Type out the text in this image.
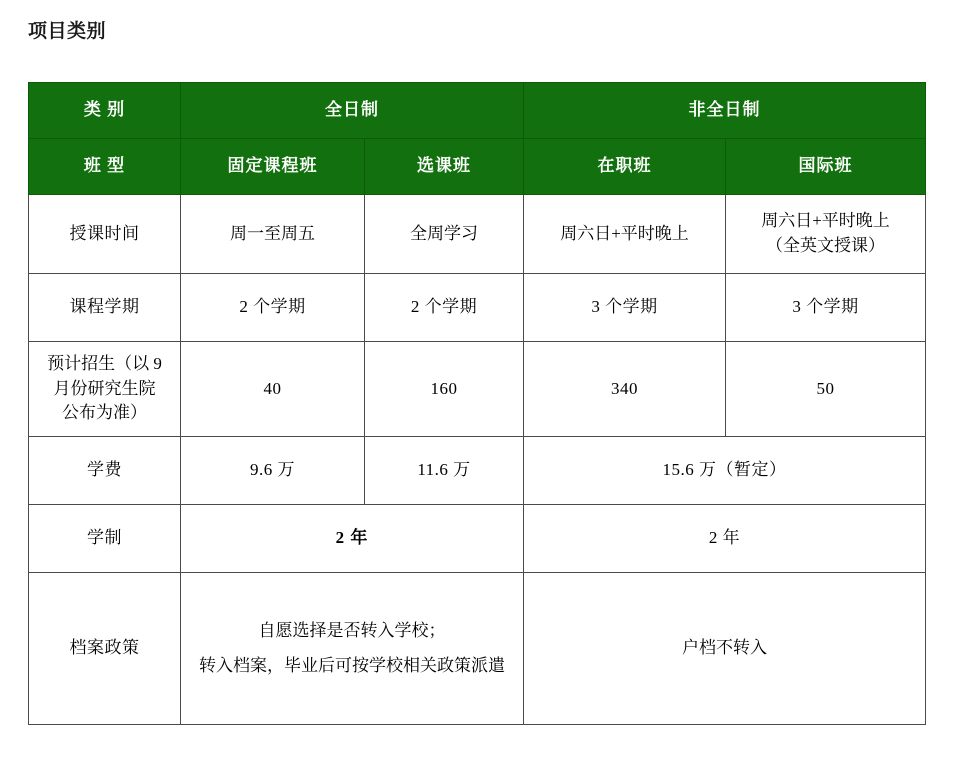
项目类别
类 别	全日制		非全日制	
班 型	固定课程班	选课班	在职班	国际班
授课时间	周一至周五	全周学习	周六日+平时晚上	周六日+平时晚上
（全英文授课）
课程学期	2 个学期	2 个学期	3 个学期	3 个学期
预计招生（以 9
月份研究生院
公布为准）	40	160	340	50
学费	9.6 万	11.6 万	15.6 万（暂定）	
学制	2 年		2 年	
档案政策	自愿选择是否转入学校；
转入档案，毕业后可按学校相关政策派遣		户档不转入	
